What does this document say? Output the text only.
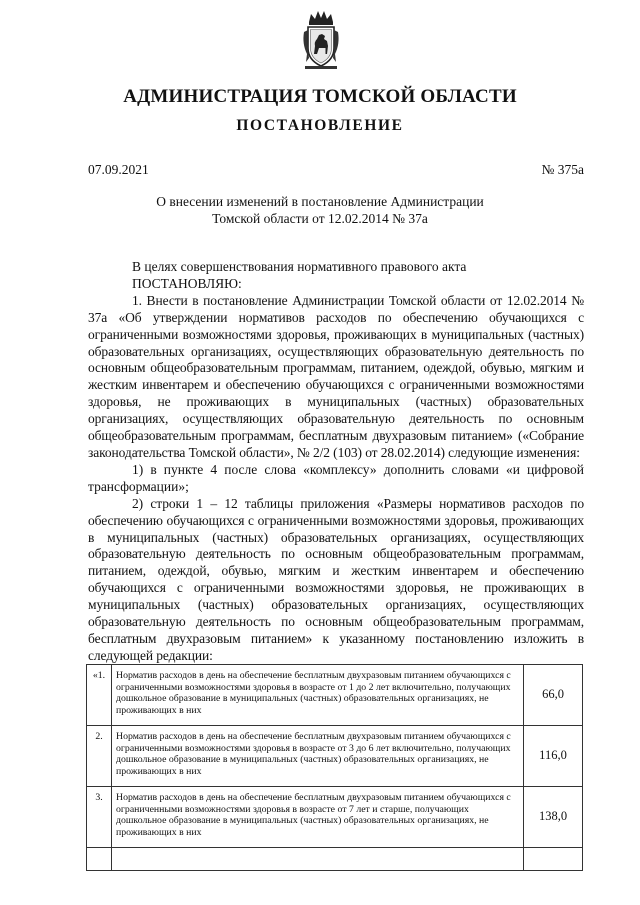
АДМИНИСТРАЦИЯ ТОМСКОЙ ОБЛАСТИ
ПОСТАНОВЛЕНИЕ
07.09.2021	№ 375а
О внесении изменений в постановление Администрации Томской области от 12.02.2014 № 37а

В целях совершенствования нормативного правового акта

ПОСТАНОВЛЯЮ:

1. Внести в постановление Администрации Томской области от 12.02.2014 № 37а «Об утверждении нормативов расходов по обеспечению обучающихся с ограниченными возможностями здоровья, проживающих в муниципальных (частных) образовательных организациях, осуществляющих образовательную деятельность по основным общеобразовательным программам, питанием, одеждой, обувью, мягким и жестким инвентарем и обеспечению обучающихся с ограниченными возможностями здоровья, не проживающих в муниципальных (частных) образовательных организациях, осуществляющих образовательную деятельность по основным общеобразовательным программам, бесплатным двухразовым питанием» («Собрание законодательства Томской области», № 2/2 (103) от 28.02.2014) следующие изменения:

1) в пункте 4 после слова «комплексу» дополнить словами «и цифровой трансформации»;

2) строки 1 – 12 таблицы приложения «Размеры нормативов расходов по обеспечению обучающихся с ограниченными возможностями здоровья, проживающих в муниципальных (частных) образовательных организациях, осуществляющих образовательную деятельность по основным общеобразовательным программам, питанием, одеждой, обувью, мягким и жестким инвентарем и обеспечению обучающихся с ограниченными возможностями здоровья, не проживающих в муниципальных (частных) образовательных организациях, осуществляющих образовательную деятельность по основным общеобразовательным программам, бесплатным двухразовым питанием» к указанному постановлению изложить в следующей редакции:

«1.	Норматив расходов в день на обеспечение бесплатным двухразовым питанием обучающихся с ограниченными возможностями здоровья в возрасте от 1 до 2 лет включительно, получающих дошкольное образование в муниципальных (частных) образовательных организациях, не проживающих в них	66,0
2.	Норматив расходов в день на обеспечение бесплатным двухразовым питанием обучающихся с ограниченными возможностями здоровья в возрасте от 3 до 6 лет включительно, получающих дошкольное образование в муниципальных (частных) образовательных организациях, не проживающих в них	116,0
3.	Норматив расходов в день на обеспечение бесплатным двухразовым питанием обучающихся с ограниченными возможностями здоровья в возрасте от 7 лет и старше, получающих дошкольное образование в муниципальных (частных) образовательных организациях, не проживающих в них	138,0
